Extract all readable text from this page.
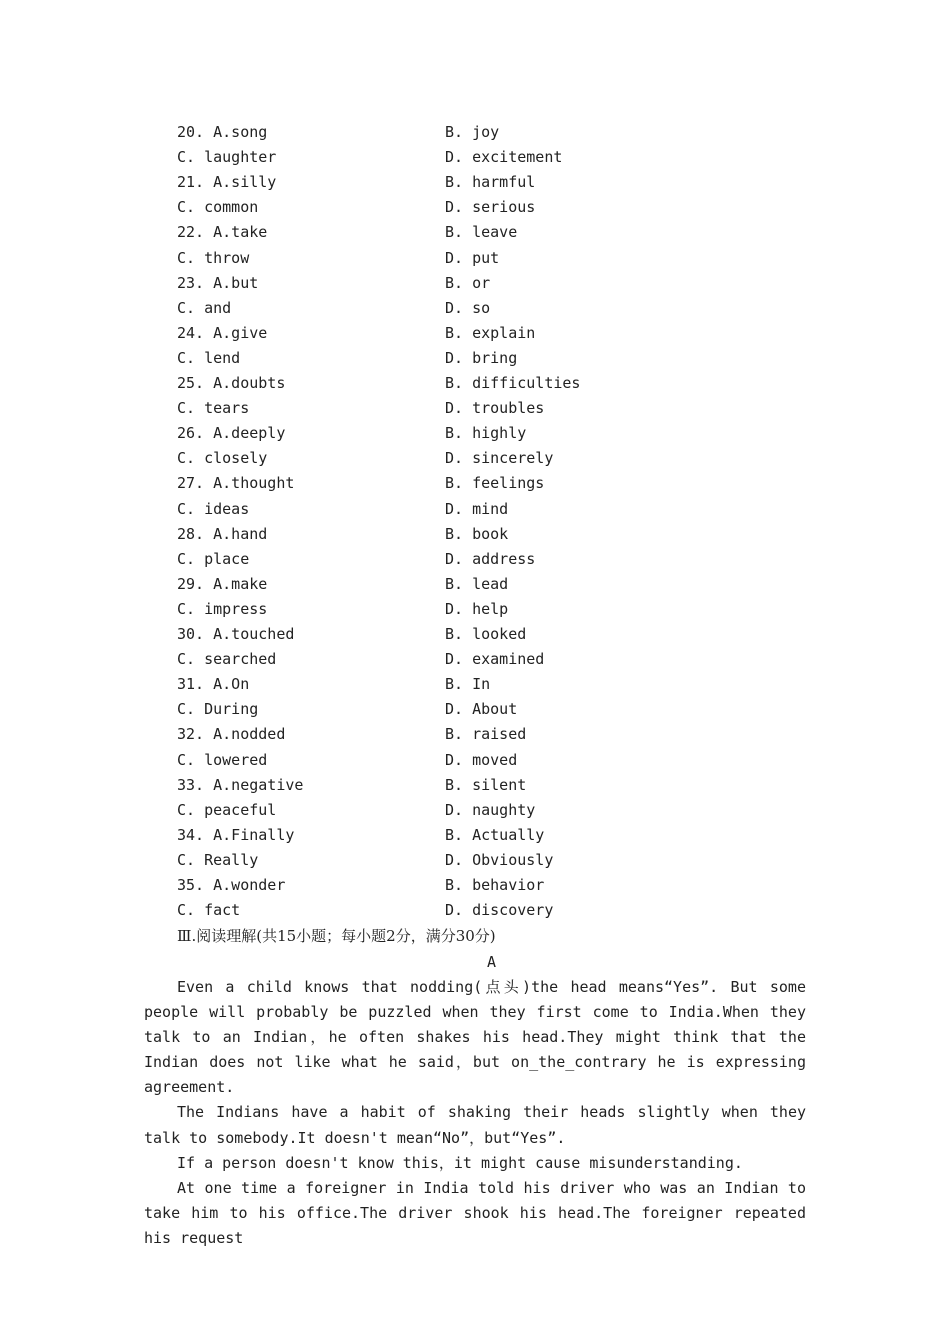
20. A.song	B. joy
C. laughter	D. excitement
21. A.silly	B. harmful
C. common	D. serious
22. A.take	B. leave
C. throw	D. put
23. A.but	B. or
C. and	D. so
24. A.give	B. explain
C. lend	D. bring
25. A.doubts	B. difficulties
C. tears	D. troubles
26. A.deeply	B. highly
C. closely	D. sincerely
27. A.thought	B. feelings
C. ideas	D. mind
28. A.hand	B. book
C. place	D. address
29. A.make	B. lead
C. impress	D. help
30. A.touched	B. looked
C. searched	D. examined
31. A.On	B. In
C. During	D. About
32. A.nodded	B. raised
C. lowered	D. moved
33. A.negative	B. silent
C. peaceful	D. naughty
34. A.Finally	B. Actually
C. Really	D. Obviously
35. A.wonder	B. behavior
C. fact	D. discovery
Ⅲ.阅读理解(共15小题；每小题2分，满分30分)
A

Even a child knows that nodding(点头)the head means“Yes”. But some people will probably be puzzled when they first come to India.When they talk to an Indian，he often shakes his head.They might think that the Indian does not like what he said，but on_the_contrary he is expressing agreement.

The Indians have a habit of shaking their heads slightly when they talk to somebody.It doesn't mean“No”，but“Yes”.

If a person doesn't know this，it might cause misunderstanding.

At one time a foreigner in India told his driver who was an Indian to take him to his office.The driver shook his head.The foreigner repeated his request
